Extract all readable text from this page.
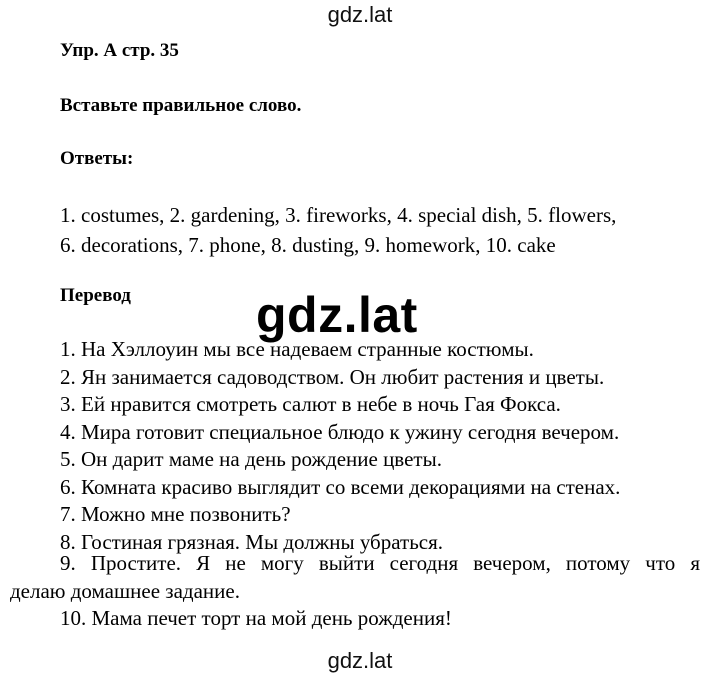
gdz.lat
Упр. А стр. 35
Вставьте правильное слово.
Ответы:
1. costumes, 2. gardening, 3. fireworks, 4. special dish, 5. flowers,
6. decorations, 7. phone, 8. dusting, 9. homework, 10. cake
Перевод
1. На Хэллоуин мы все надеваем странные костюмы.
2. Ян занимается садоводством. Он любит растения и цветы.
3. Ей нравится смотреть салют в небе в ночь Гая Фокса.
4. Мира готовит специальное блюдо к ужину сегодня вечером.
5. Он дарит маме на день рождение цветы.
6. Комната красиво выглядит со всеми декорациями на стенах.
7. Можно мне позвонить?
8. Гостиная грязная. Мы должны убраться.
9. Простите. Я не могу выйти сегодня вечером, потому что я
делаю домашнее задание.
10. Мама печет торт на мой день рождения!
gdz.lat
gdz.lat
